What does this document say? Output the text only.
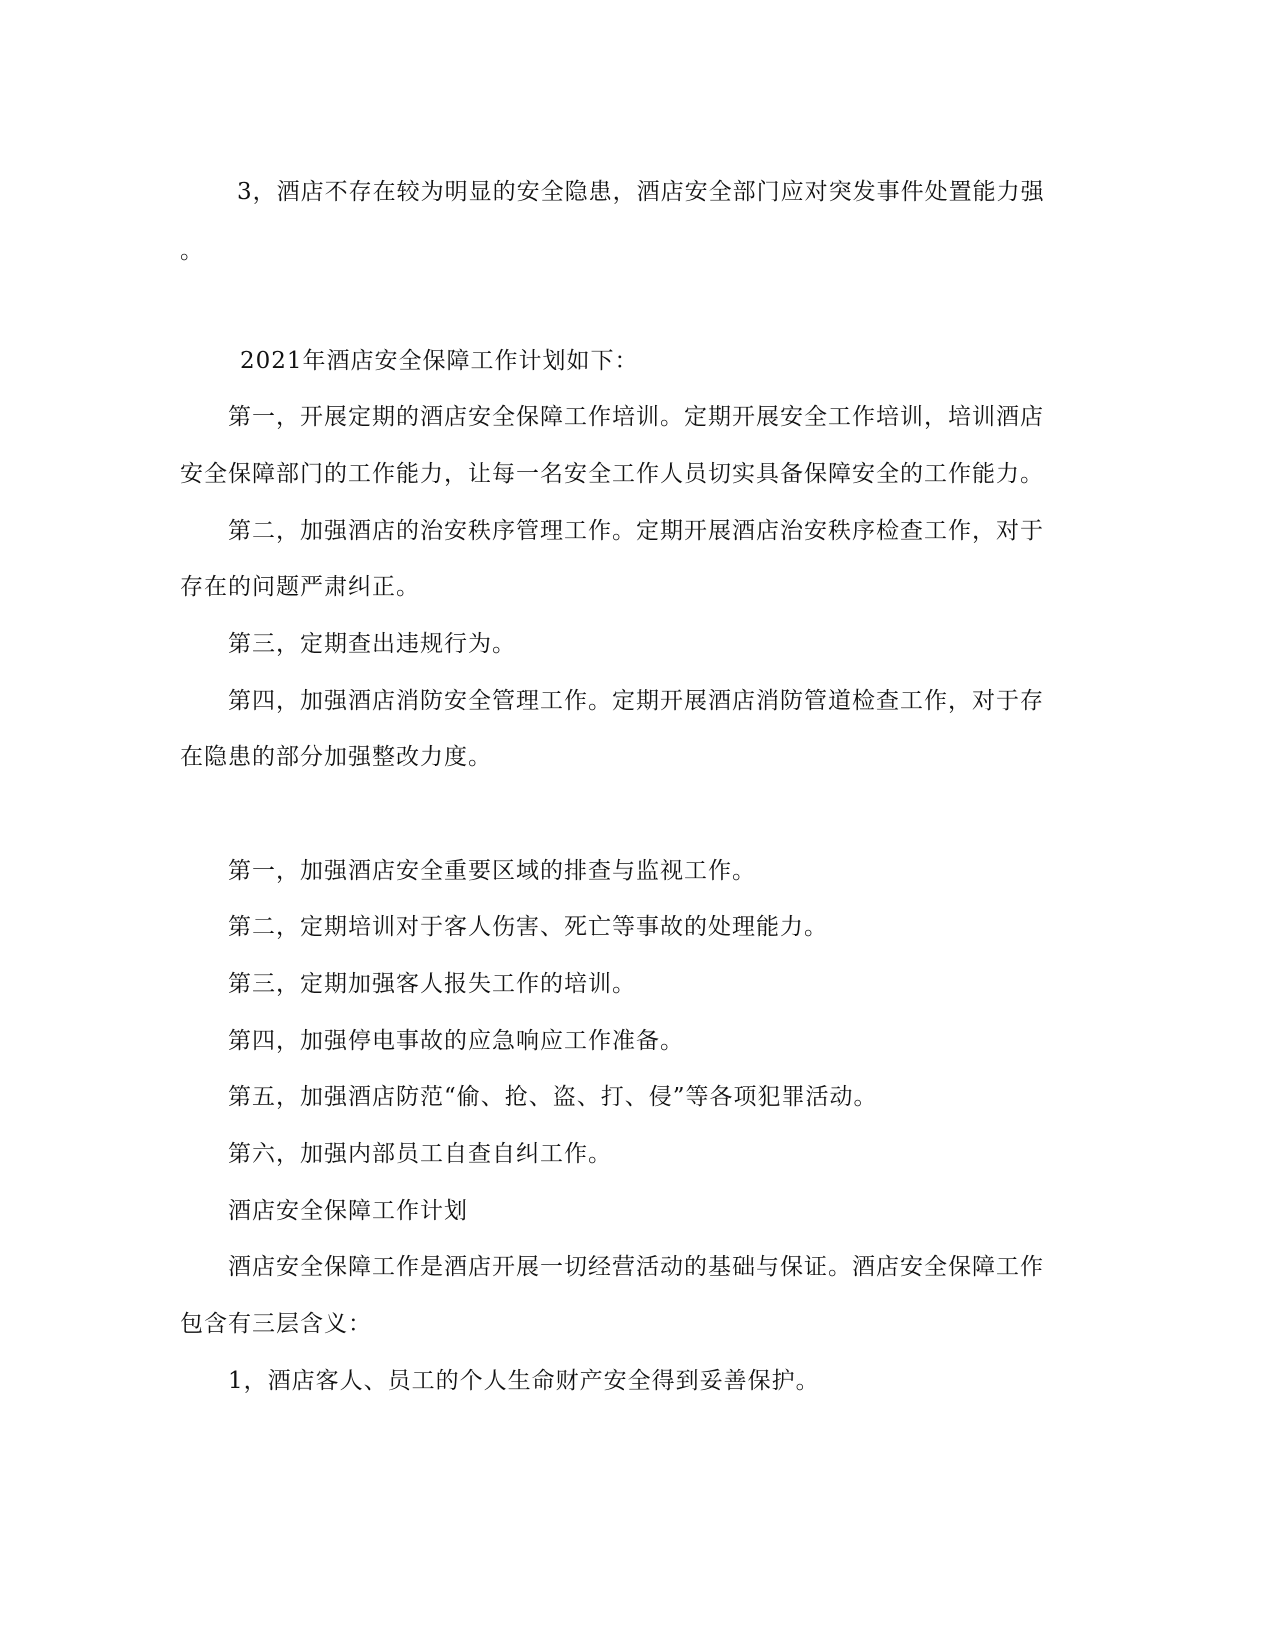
3，酒店不存在较为明显的安全隐患，酒店安全部门应对突发事件处置能力强
。
2021年酒店安全保障工作计划如下：
第一，开展定期的酒店安全保障工作培训。定期开展安全工作培训，培训酒店
安全保障部门的工作能力，让每一名安全工作人员切实具备保障安全的工作能力。
第二，加强酒店的治安秩序管理工作。定期开展酒店治安秩序检查工作，对于
存在的问题严肃纠正。
第三，定期查出违规行为。
第四，加强酒店消防安全管理工作。定期开展酒店消防管道检查工作，对于存
在隐患的部分加强整改力度。
第一，加强酒店安全重要区域的排查与监视工作。
第二，定期培训对于客人伤害、死亡等事故的处理能力。
第三，定期加强客人报失工作的培训。
第四，加强停电事故的应急响应工作准备。
第五，加强酒店防范“偷、抢、盗、打、侵”等各项犯罪活动。
第六，加强内部员工自查自纠工作。
酒店安全保障工作计划
酒店安全保障工作是酒店开展一切经营活动的基础与保证。酒店安全保障工作
包含有三层含义：
1，酒店客人、员工的个人生命财产安全得到妥善保护。
